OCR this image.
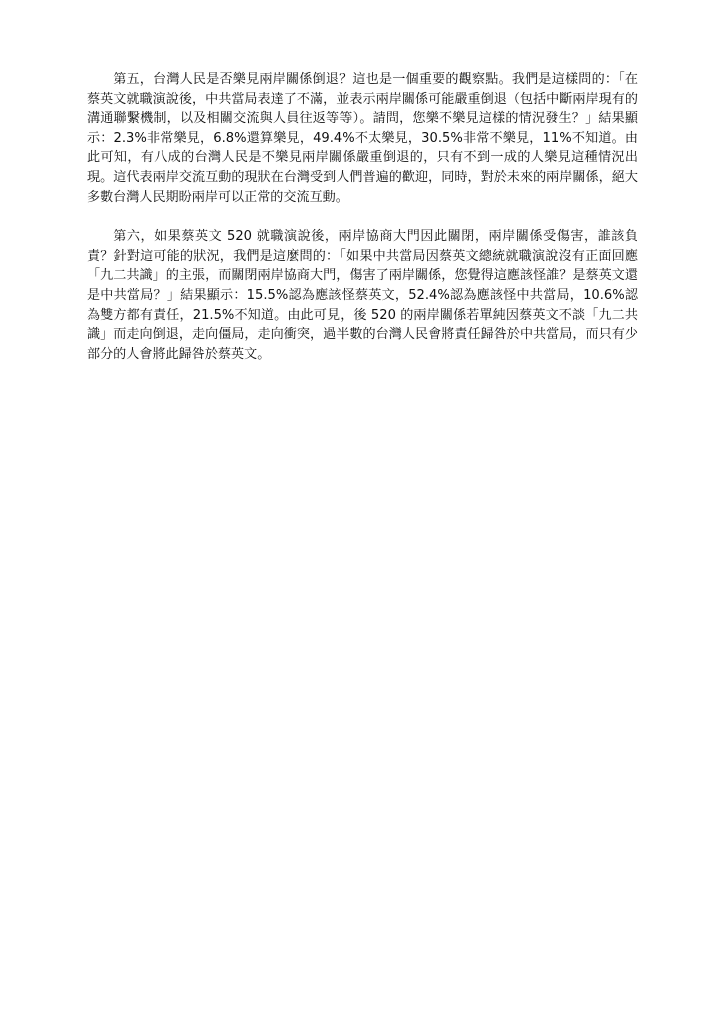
第五，台灣人民是否樂見兩岸關係倒退？這也是一個重要的觀察點。我們是這樣問的：「在蔡英文就職演說後，中共當局表達了不滿，並表示兩岸關係可能嚴重倒退（包括中斷兩岸現有的溝通聯繫機制，以及相關交流與人員往返等等）。請問，您樂不樂見這樣的情況發生？」結果顯示：2.3%非常樂見，6.8%還算樂見，49.4%不太樂見，30.5%非常不樂見，11%不知道。由此可知，有八成的台灣人民是不樂見兩岸關係嚴重倒退的，只有不到一成的人樂見這種情況出現。這代表兩岸交流互動的現狀在台灣受到人們普遍的歡迎，同時，對於未來的兩岸關係，絕大多數台灣人民期盼兩岸可以正常的交流互動。

第六，如果蔡英文 520 就職演說後，兩岸協商大門因此關閉，兩岸關係受傷害，誰該負責？針對這可能的狀況，我們是這麼問的：「如果中共當局因蔡英文總統就職演說沒有正面回應「九二共識」的主張，而關閉兩岸協商大門，傷害了兩岸關係，您覺得這應該怪誰？是蔡英文還是中共當局？」結果顯示：15.5%認為應該怪蔡英文，52.4%認為應該怪中共當局，10.6%認為雙方都有責任，21.5%不知道。由此可見，後 520 的兩岸關係若單純因蔡英文不談「九二共識」而走向倒退，走向僵局，走向衝突，過半數的台灣人民會將責任歸咎於中共當局，而只有少部分的人會將此歸咎於蔡英文。
